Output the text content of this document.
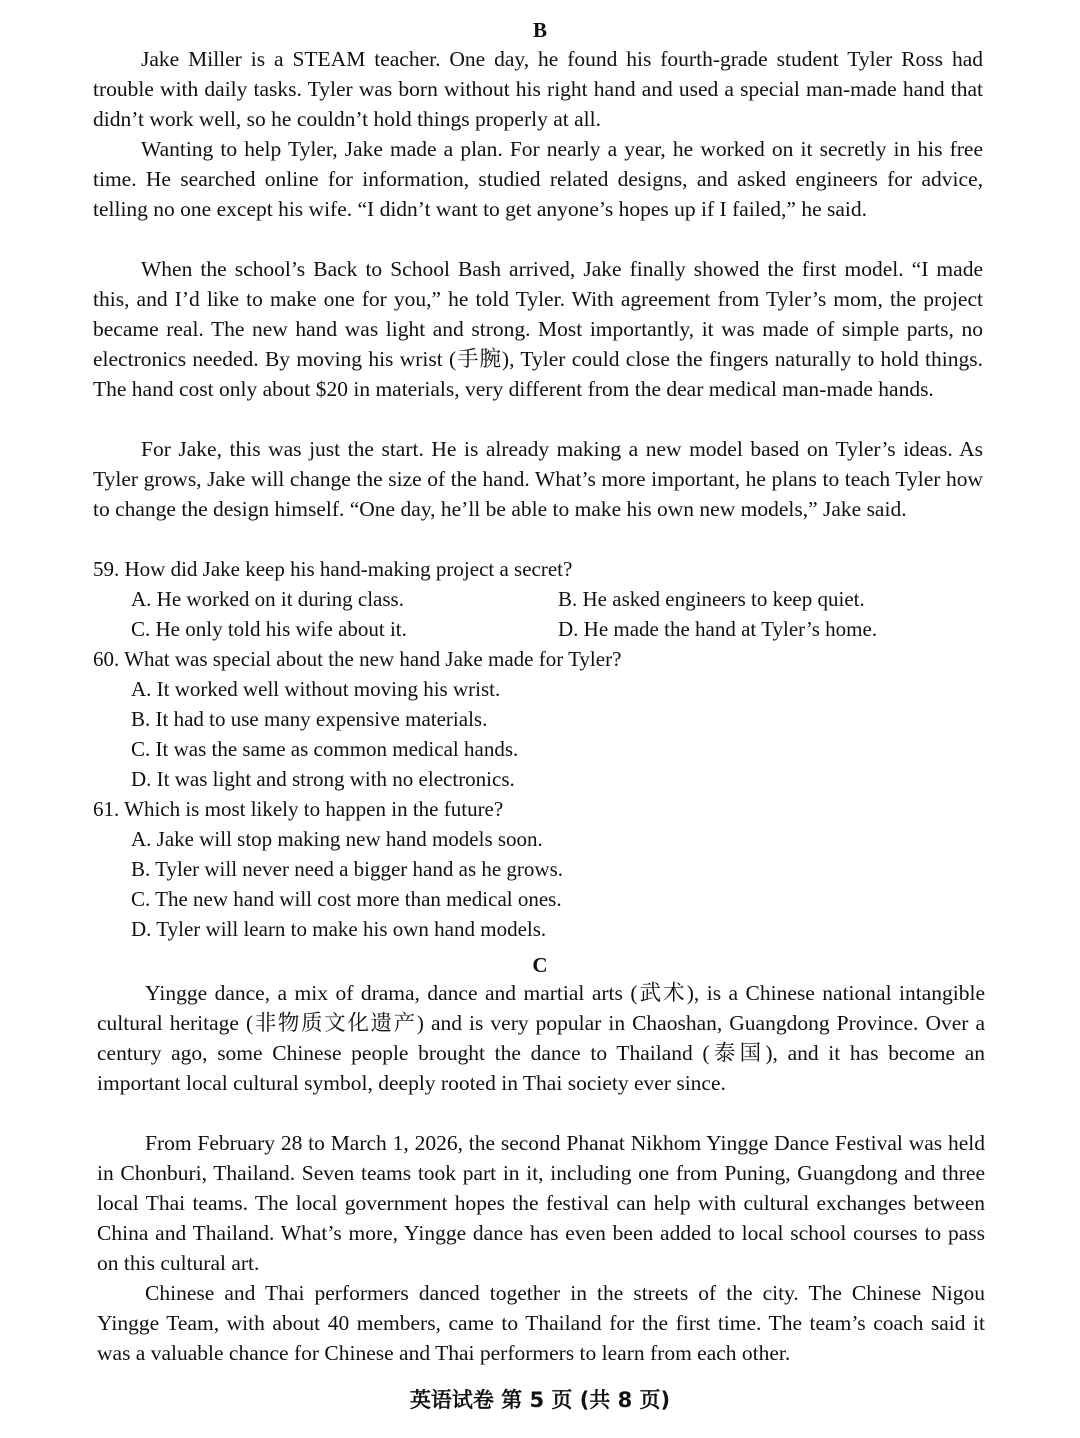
B

Jake Miller is a STEAM teacher. One day, he found his fourth-grade student Tyler Ross had trouble with daily tasks. Tyler was born without his right hand and used a special man-made hand that didn’t work well, so he couldn’t hold things properly at all.

Wanting to help Tyler, Jake made a plan. For nearly a year, he worked on it secretly in his free time. He searched online for information, studied related designs, and asked engineers for advice, telling no one except his wife. “I didn’t want to get anyone’s hopes up if I failed,” he said.

When the school’s Back to School Bash arrived, Jake finally showed the first model. “I made this, and I’d like to make one for you,” he told Tyler. With agreement from Tyler’s mom, the project became real. The new hand was light and strong. Most importantly, it was made of simple parts, no electronics needed. By moving his wrist (手腕), Tyler could close the fingers naturally to hold things. The hand cost only about $20 in materials, very different from the dear medical man-made hands.

For Jake, this was just the start. He is already making a new model based on Tyler’s ideas. As Tyler grows, Jake will change the size of the hand. What’s more important, he plans to teach Tyler how to change the design himself. “One day, he’ll be able to make his own new models,” Jake said.

59. How did Jake keep his hand-making project a secret?
A. He worked on it during class.	B. He asked engineers to keep quiet.
C. He only told his wife about it.	D. He made the hand at Tyler’s home.
60. What was special about the new hand Jake made for Tyler?
A. It worked well without moving his wrist.
B. It had to use many expensive materials.
C. It was the same as common medical hands.
D. It was light and strong with no electronics.
61. Which is most likely to happen in the future?
A. Jake will stop making new hand models soon.
B. Tyler will never need a bigger hand as he grows.
C. The new hand will cost more than medical ones.
D. Tyler will learn to make his own hand models.
C

Yingge dance, a mix of drama, dance and martial arts (武术), is a Chinese national intangible cultural heritage (非物质文化遗产) and is very popular in Chaoshan, Guangdong Province. Over a century ago, some Chinese people brought the dance to Thailand (泰国), and it has become an important local cultural symbol, deeply rooted in Thai society ever since.

From February 28 to March 1, 2026, the second Phanat Nikhom Yingge Dance Festival was held in Chonburi, Thailand. Seven teams took part in it, including one from Puning, Guangdong and three local Thai teams. The local government hopes the festival can help with cultural exchanges between China and Thailand. What’s more, Yingge dance has even been added to local school courses to pass on this cultural art.

Chinese and Thai performers danced together in the streets of the city. The Chinese Nigou Yingge Team, with about 40 members, came to Thailand for the first time. The team’s coach said it was a valuable chance for Chinese and Thai performers to learn from each other.

英语试卷 第 5 页 (共 8 页)
